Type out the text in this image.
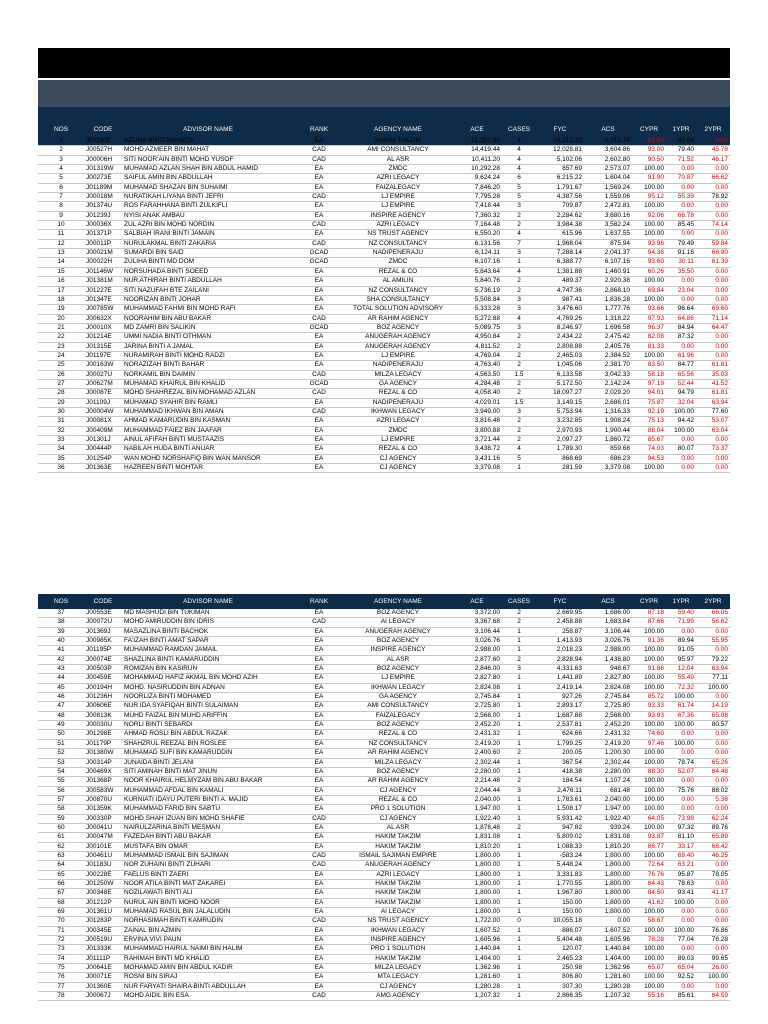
NOS	CODE	ADVISOR NAME	RANK	AGENCY NAME	ACE	CASES	FYC	ACS	CYPR	1YPR	2YPR
1	J01190E	AZLINA BINTI MAHZOK	EA	HAKIM TAKZIM	21,250.95	4	16,212.22	5,312.74	91.84	85.04	0.00
2	J00527H	MOHD AZMEER BIN MAHAT	CAD	AMI CONSULTANCY	14,419.44	4	12,028.81	3,604.86	93.00	79.40	45.78
3	J00006H	SITI NOOR'AIN BINTI MOHD YUSOF	CAD	AL ASR	10,411.20	4	5,102.06	2,602.80	90.50	71.52	46.17
4	J01319W	MUHAMAD AZLAN SHAH BIN ABDUL HAMID	EA	ZMDC	10,292.28	4	857.69	2,573.07	100.00	0.00	0.00
5	J00273E	SAIFUL AMIN BIN ABDULLAH	EA	AZRI LEGACY	9,624.24	6	6,215.22	1,604.04	91.90	70.87	66.62
6	J01189M	MUHAMAD SHAZAN BIN SUHAIMI	EA	FAIZALEGACY	7,846.20	5	1,791.67	1,569.24	100.00	0.00	0.00
7	J00018M	NURATIKAH LIYANA BINTI JEFRI	CAD	LJ EMPIRE	7,795.28	5	4,387.56	1,559.06	95.12	55.39	78.92
8	J01374U	ROS FARAHHANA BINTI ZULKIFLI	EA	LJ EMPIRE	7,418.44	3	709.87	2,472.81	100.00	0.00	0.00
9	J01239J	NYISI ANAK AMBAU	EA	INSPIRE AGENCY	7,360.32	2	2,284.62	3,680.16	92.06	66.78	0.00
10	J00036X	ZUL AZRI BIN MOHD NORDIN	CAD	AZRI LEGACY	7,164.48	2	3,984.38	3,582.24	100.00	85.45	74.14
11	J01371P	SALBIAH IRANI BINTI JAMAIN	EA	NS TRUST AGENCY	6,550.20	4	615.96	1,637.55	100.00	0.00	0.00
12	J00011P	NURULAKMAL BINTI ZAKARIA	CAD	NZ CONSULTANCY	6,131.56	7	1,968.04	875.94	93.96	79.49	59.84
13	J00021M	SUMARDI BIN SAID	GCAD	NADIPENERAJU	6,124.11	3	7,288.14	2,041.37	94.36	91.16	68.90
14	J00022H	ZULIHA BINTI MD DOM	GCAD	ZMDC	6,107.16	1	6,388.77	6,107.16	93.60	30.11	61.39
15	J01146W	NORSUHADA BINTI SOEED	EA	REZAL & CO	5,843.64	4	1,381.88	1,460.91	60.26	35.50	0.00
16	J01381M	NUR ATHIRAH BINTI ABDULLAH	EA	AL AMILIN	5,840.76	2	489.37	2,920.38	100.00	0.00	0.00
17	J01227E	SITI NAZUFAH BTE ZAILANI	EA	NZ CONSULTANCY	5,736.19	2	4,747.36	2,868.10	69.84	23.04	0.00
18	J01347E	NOORIZAN BINTI JOHAR	EA	SHA CONSULTANCY	5,508.84	3	987.41	1,836.28	100.00	0.00	0.00
19	J00785W	MUHAMMAD FAHMI BIN MOHD RAFI	EA	TOTAL SOLUTION ADVISORY	5,333.28	3	3,476.60	1,777.76	93.66	96.64	69.60
20	J00632X	NOORAHIM BIN ABU BAKAR	CAD	AR RAHIM AGENCY	5,272.88	4	4,769.26	1,318.22	97.93	64.86	71.14
21	J00010X	MD ZAMRI BIN SALIKIN	GCAD	BOZ AGENCY	5,089.75	3	8,246.97	1,696.58	96.37	84.94	64.47
22	J01214E	UMMI NADIA BINTI OTHMAN	EA	ANUGERAH AGENCY	4,950.84	2	2,434.22	2,475.42	82.08	87.32	0.00
23	J01315E	JARINA BINTI A JAMAL	EA	ANUGERAH AGENCY	4,811.52	2	2,808.88	2,405.76	81.33	0.00	0.00
24	J01197E	NURAMIRAH BINTI MOHD RADZI	EA	LJ EMPIRE	4,769.04	2	2,465.03	2,384.52	100.00	61.96	0.00
25	J00163W	NORAZIZAH BINTI BAHAR	EA	NADIPENERAJU	4,763.40	2	1,045.06	2,381.70	83.50	84.77	61.81
26	J00027U	NORKAMIL BIN DAIMIN	CAD	MILZA LEGACY	4,563.50	1.5	6,133.58	3,042.33	58.18	65.56	35.03
27	J00627M	MUHAMAD KHAIRUL BIN KHALID	GCAD	GA AGENCY	4,284.48	2	5,172.50	2,142.24	97.19	52.44	41.52
28	J00087E	MOHD SHAHREZAL BIN MOHAMAD AZLAN	CAD	REZAL & CO	4,058.40	2	18,097.27	2,029.20	94.01	94.79	61.81
29	J01109J	MUHAMAD SYAHIR BIN RAMLI	EA	NADIPENERAJU	4,029.01	1.5	3,149.15	2,686.01	75.87	32.04	63.94
30	J00004W	MUHAMMAD IKHWAN BIN AMAN	CAD	IKHWAN LEGACY	3,949.00	3	5,753.94	1,316.33	92.19	100.00	77.60
31	J00081X	AHMAD KAMARUDIN BIN KASMAN	EA	AZRI LEGACY	3,816.48	2	3,232.85	1,908.24	75.13	94.42	53.07
32	J00409M	MUHAMMAD FAIEZ BIN JAAFAR	EA	ZMDC	3,800.88	2	2,970.93	1,900.44	88.04	100.00	63.04
33	J01301J	AINUL AFIFAH BINTI MUSTAAZIS	EA	LJ EMPIRE	3,721.44	2	2,097.27	1,860.72	85.67	0.00	0.00
34	J00444P	NABILAH HUDA BINTI ANUAR	EA	REZAL & CO	3,438.72	4	1,789.30	859.68	74.03	80.07	73.37
35	J01254P	WAN MOHD NORSHAFIQ BIN WAN MANSOR	EA	CJ AGENCY	3,431.16	5	868.69	686.23	94.53	0.00	0.00
36	J01363E	HAZREEN BINTI MOHTAR	EA	CJ AGENCY	3,379.08	1	281.59	3,379.08	100.00	0.00	0.00
NOS	CODE	ADVISOR NAME	RANK	AGENCY NAME	ACE	CASES	FYC	ACS	CYPR	1YPR	2YPR
37	J00553E	MD MASHUDI BIN TUKIMAN	EA	BOZ AGENCY	3,372.00	2	2,669.95	1,686.00	87.18	59.40	66.05
38	J00072U	MOHD AMIRUDDIN BIN IDRIS	CAD	AI LEGACY	3,367.68	2	2,458.88	1,683.84	87.66	71.99	56.62
39	J01369J	MASAZLINA BINTI BACHOK	EA	ANUGERAH AGENCY	3,106.44	1	258.87	3,106.44	100.00	0.00	0.00
40	J00985K	FA'IZAH BINTI AMAT SAPAR	EA	BOZ AGENCY	3,026.76	1	1,413.93	3,026.76	91.36	89.94	55.95
41	J01195P	MUHAMMAD RAMDAN JAMAIL	EA	INSPIRE AGENCY	2,988.00	1	2,018.23	2,988.00	100.00	91.05	0.00
42	J00074E	SHAZLINA BINTI KAMARUDDIN	EA	AL ASR	2,877.60	2	2,828.94	1,438.80	100.00	95.97	79.22
43	J00503P	ROMIZAN BIN KASIRUN	EA	BOZ AGENCY	2,846.00	3	4,331.63	948.67	91.86	12.04	63.94
44	J00459E	MOHAMMAD HAFIZ AKMAL BIN MOHD AZIH	EA	LJ EMPIRE	2,827.80	1	1,441.89	2,827.80	100.00	55.49	77.11
45	J00194H	MOHD. NASIRUDDIN BIN ADNAN	EA	IKHWAN LEGACY	2,824.08	1	2,419.14	2,824.08	100.00	72.32	100.00
46	J01236H	NOORLIZA BINTI MOHAMED	EA	GA AGENCY	2,745.84	1	927.26	2,745.84	85.72	100.00	0.00
47	J00606E	NUR IDA SYAFIQAH BINTI SULAIMAN	EA	AMI CONSULTANCY	2,725.80	1	2,893.17	2,725.80	93.33	61.74	14.19
48	J00813K	MUHD FAIZAL BIN MUHD ARIFFIN	EA	FAIZALEGACY	2,568.00	1	1,687.88	2,568.00	93.93	67.36	65.08
49	J00030U	NORLI BINTI SEBARDI	EA	BOZ AGENCY	2,452.20	1	2,537.81	2,452.20	100.00	100.00	80.57
50	J01298E	AHMAD ROSLI BIN ABDUL RAZAK	EA	REZAL & CO	2,431.32	1	624.66	2,431.32	74.60	0.00	0.00
51	J01179P	SHAHZRUL REEZAL BIN ROSLEE	EA	NZ CONSULTANCY	2,419.20	1	1,799.25	2,419.20	97.46	100.00	0.00
52	J01380W	MUHAMAD SUFI BIN KAMARUDDIN	EA	AR RAHIM AGENCY	2,400.60	2	200.05	1,200.30	100.00	0.00	0.00
53	J00314P	JUNAIDA BINTI JELANI	EA	MILZA LEGACY	2,302.44	1	367.54	2,302.44	100.00	78.74	65.26
54	J00469X	SITI AMINAH BINTI MAT JINUN	EA	BOZ AGENCY	2,280.00	1	418.38	2,280.00	88.30	52.07	64.48
55	J01368P	NOOR KHAIRUL HELMYZAM BIN ABU BAKAR	EA	AR RAHIM AGENCY	2,214.48	2	184.54	1,107.24	100.00	0.00	0.00
56	J00583W	MUHAMMAD AFDAL BIN KAMALI	EA	CJ AGENCY	2,044.44	3	2,476.11	681.48	100.00	75.76	88.02
57	J00870U	KURNIATI IDAYU PUTERI BINTI A. MAJID	EA	REZAL & CO	2,040.00	1	1,783.61	2,040.00	100.00	0.00	5.38
58	J01359K	MUHAMMAD FARID BIN SABTU	EA	PRO 1 SOLUTION	1,947.00	1	1,508.17	1,947.00	100.00	0.00	0.00
59	J00330P	MOHD SHAH IZUAN BIN MOHD SHAFIE	CAD	CJ AGENCY	1,922.40	1	5,931.42	1,922.40	64.05	73.98	62.24
60	J00041U	NAIRULZARINA BINTI MESMAN	EA	AL ASR	1,878.48	2	947.82	939.24	100.00	97.32	89.76
61	J00047M	FAZEDAH BINTI ABU BAKAR	EA	HAKIM TAKZIM	1,831.08	1	5,809.02	1,831.08	93.87	81.10	65.89
62	J00101E	MUSTAFA BIN OMAR	EA	HAKIM TAKZIM	1,810.20	1	1,088.33	1,810.20	86.77	33.17	68.42
63	J00461U	MUHAMMAD ISMAIL BIN SAJIMAN	CAD	ISMAIL SAJIMAN EMPIRE	1,800.00	1	-583.24	1,800.00	100.00	69.40	46.25
64	J01183U	NOR ZUHAINI BINTI ZUHARI	CAD	ANUGERAH AGENCY	1,800.00	1	5,448.24	1,800.00	72.64	63.21	0.00
65	J00228E	FAELUS BINTI ZAERI	EA	AZRI LEGACY	1,800.00	1	3,331.83	1,800.00	76.76	95.87	78.05
66	J01250W	NOOR ATILA BINTI MAT ZAKAREI	EA	HAKIM TAKZIM	1,800.00	1	1,770.55	1,800.00	64.43	78.63	0.00
67	J00348E	NOZILAWATI BINTI ALI	EA	HAKIM TAKZIM	1,800.00	1	1,967.80	1,800.00	84.50	93.41	41.17
68	J01212P	NURUL AIN BINTI MOHD NOOR	EA	HAKIM TAKZIM	1,800.00	1	150.00	1,800.00	41.62	100.00	0.00
69	J01361U	MUHAMAD RASUL BIN JALALUDIN	EA	AI LEGACY	1,800.00	1	150.00	1,800.00	100.00	0.00	0.00
70	J01283P	NORHASIMAH BINTI KAMRUDIN	CAD	NS TRUST AGENCY	1,722.00	0	10,055.18	0.00	58.67	0.00	0.00
71	J00345E	ZAINAL BIN AZMIN	EA	IKHWAN LEGACY	1,607.52	1	886.07	1,607.52	100.00	100.00	76.86
72	J00519U	ERVINA VIVI PAUN	EA	INSPIRE AGENCY	1,605.96	1	5,404.48	1,605.96	78.28	77.04	78.28
73	J01333K	MUHAMMAD HAIRUL NAIMI BIN HALIM	EA	PRO 1 SOLUTION	1,440.84	1	120.07	1,440.84	100.00	0.00	0.00
74	J01111P	RAHIMAH BINTI MD KHALID	EA	HAKIM TAKZIM	1,404.00	1	2,465.23	1,404.00	100.00	89.03	99.65
75	J00641E	MOHAMAD AMIN BIN ABDUL KADIR	EA	MILZA LEGACY	1,362.96	1	250.98	1,362.96	65.07	65.04	26.00
76	J00071E	ROSNI BIN SIRAJ	EA	MTA LEGACY	1,281.60	1	806.80	1,281.60	100.00	92.52	100.00
77	J01360E	NUR FARYATI SHAIRA BINTI ABDULLAH	EA	CJ AGENCY	1,280.28	1	307.30	1,280.28	100.00	0.00	0.00
78	J00067J	MOHD AIDIL BIN ESA	CAD	AMG AGENCY	1,207.32	1	2,866.35	1,207.32	55.16	85.61	64.59
